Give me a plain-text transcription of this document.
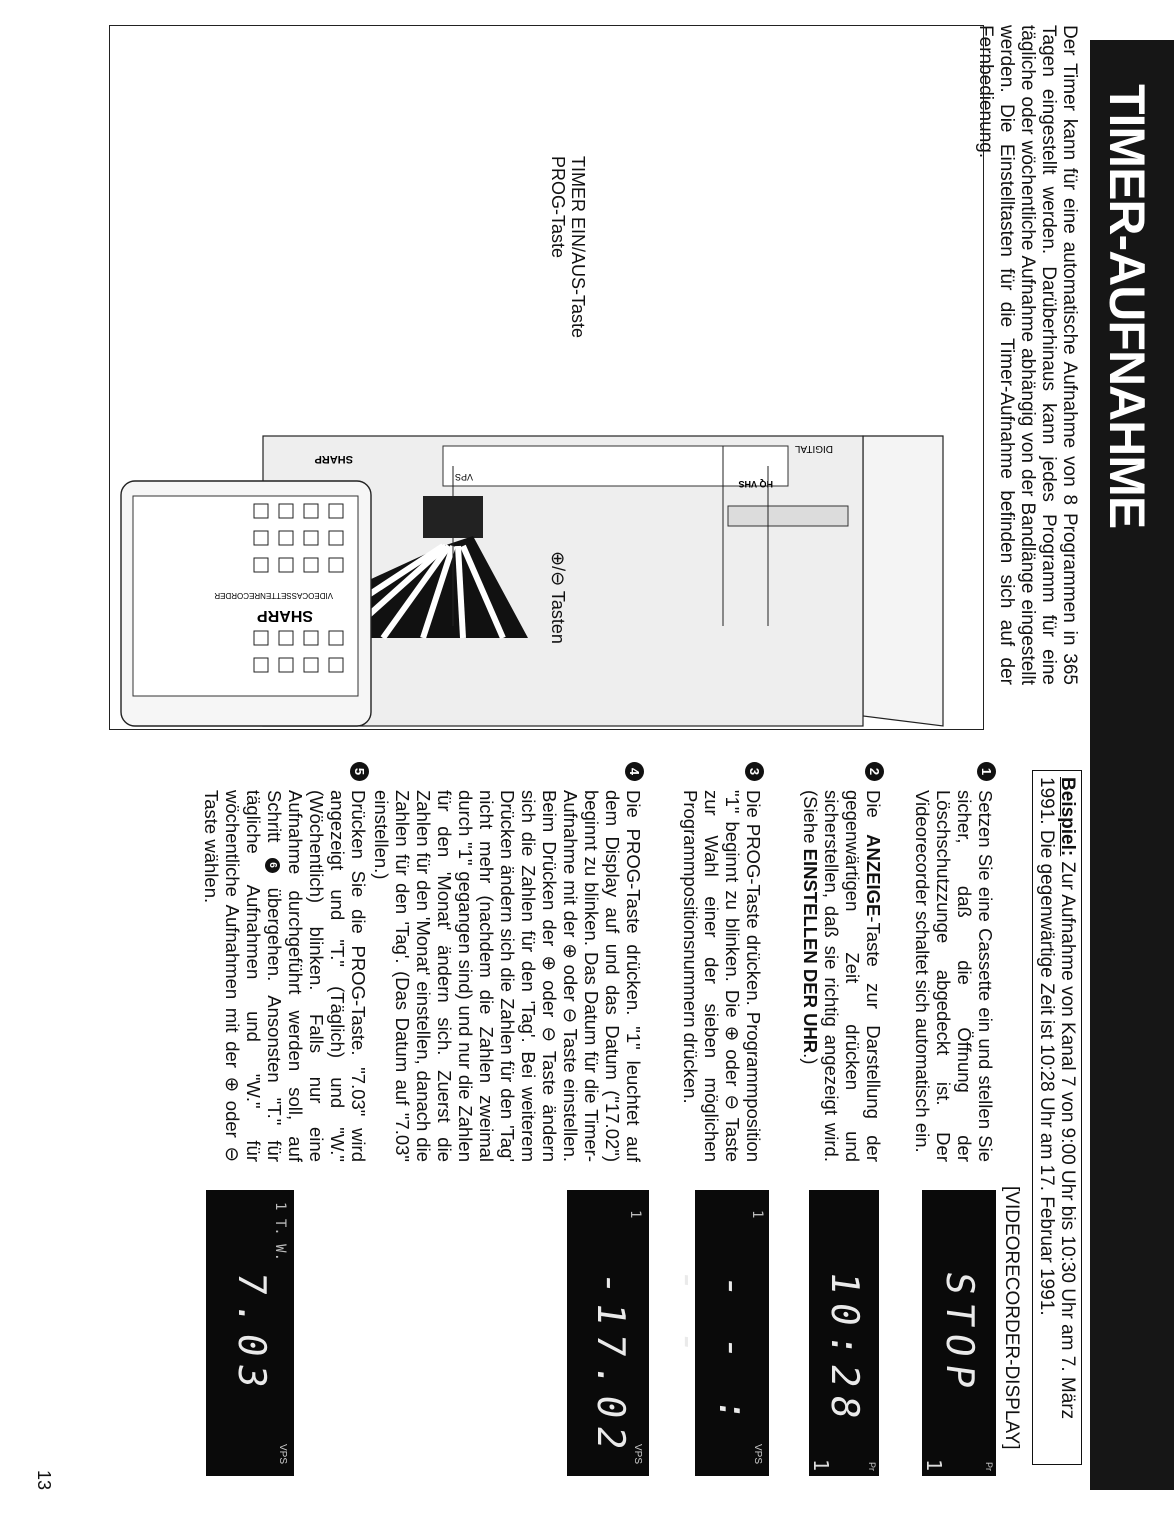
TIMER-AUFNAHME

Der Timer kann für eine automatische Aufnahme von 8 Programmen in 365 Tagen eingestellt werden. Darüberhinaus kann jedes Programm für eine tägliche oder wöchentliche Aufnahme abhängig von der Bandlänge eingestellt werden. Die Einstelltasten für die Timer-Aufnahme befinden sich auf der Fernbedienung.

SHARP
DIGITAL
HQ VHS
VPS
SHARP
VIDEOCASSETTENRECORDER
TIMER EIN/AUS-Taste
PROG-Taste
⊕/⊖ Tasten
Beispiel: Zur Aufnahme von Kanal 7 von 9:00 Uhr bis 10:30 Uhr am 7. März 1991. Die gegenwärtige Zeit ist 10:28 Uhr am 17. Februar 1991.
[VIDEORECORDER-DISPLAY]
1

Setzen Sie eine Cassette ein und stellen Sie sicher, daß die Öffnung der Löschschutzzunge abgedeckt ist. Der Videorecorder schaltet sich automatisch ein.

2

Die ANZEIGE-Taste zur Darstellung der gegenwärtigen Zeit drücken und sicherstellen, daß sie richtig angezeigt wird. (Siehe EINSTELLEN DER UHR.)

3

Die PROG-Taste drücken. Programmposition "1" beginnt zu blinken. Die ⊕ oder ⊖ Taste zur Wahl einer der sieben möglichen Programmpositionsnummern drücken.

4

Die PROG-Taste drücken. "1" leuchtet auf dem Display auf und das Datum ("17.02") beginnt zu blinken. Das Datum für die Timer-Aufnahme mit der ⊕ oder ⊖ Taste einstellen. Beim Drücken der ⊕ oder ⊖ Taste ändern sich die Zahlen für den 'Tag'. Bei weiterem Drücken ändern sich die Zahlen für den 'Tag' nicht mehr (nachdem die Zahlen zweimal durch "1" gegangen sind) und nur die Zahlen für den 'Monat' ändern sich. Zuerst die Zahlen für den 'Monat' einstellen, danach die Zahlen für den 'Tag'. (Das Datum auf "7.03" einstellen.)

5

Drücken Sie die PROG-Taste. "7.03" wird angezeigt und "T." (Täglich) und "W." (Wöchentlich) blinken. Falls nur eine Aufnahme durchgeführt werden soll, auf Schritt 6 übergehen. Ansonsten "T." für tägliche Aufnahmen und "W." für wöchentliche Aufnahmen mit der ⊕ oder ⊖ Taste wählen.

Pr
STOP
1
Pr
10:28
1
1
VPS
- - : - -
1
VPS
-17.02
1 T. W.
VPS
7.03
13
